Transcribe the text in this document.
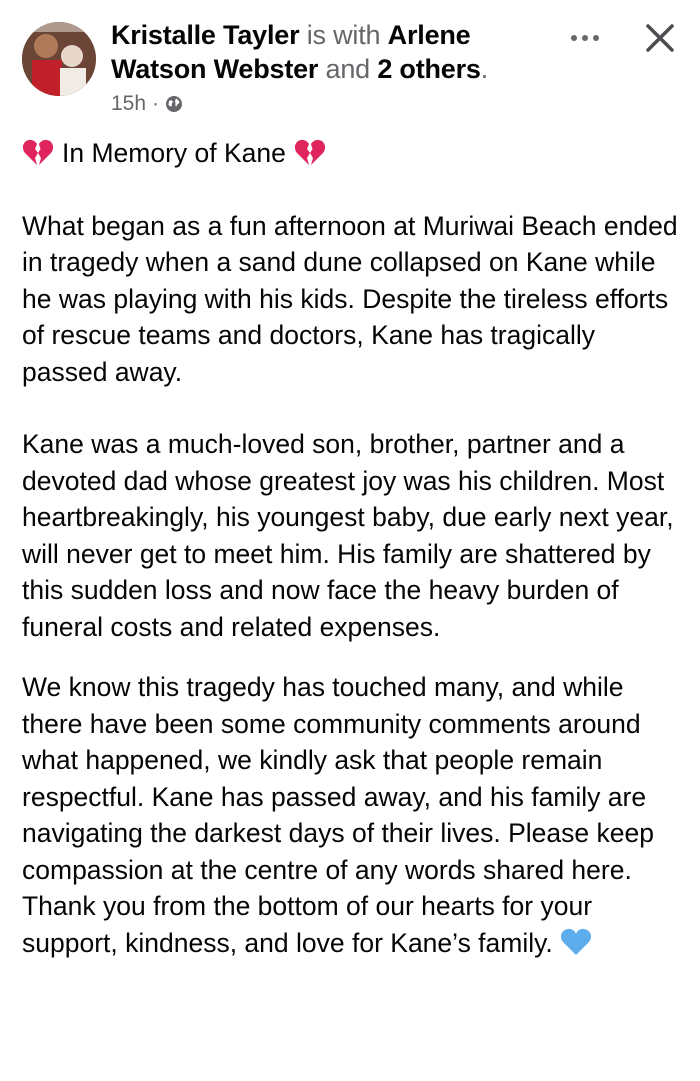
Kristalle Tayler is with Arlene Watson Webster and 2 others.
15h ·

In Memory of Kane

What began as a fun afternoon at Muriwai Beach ended in tragedy when a sand dune collapsed on Kane while he was playing with his kids. Despite the tireless efforts of rescue teams and doctors, Kane has tragically passed away.

Kane was a much-loved son, brother, partner and a devoted dad whose greatest joy was his children. Most heartbreakingly, his youngest baby, due early next year, will never get to meet him. His family are shattered by this sudden loss and now face the heavy burden of funeral costs and related expenses.

We know this tragedy has touched many, and while there have been some community comments around what happened, we kindly ask that people remain respectful. Kane has passed away, and his family are navigating the darkest days of their lives. Please keep compassion at the centre of any words shared here.

Thank you from the bottom of our hearts for your support, kindness, and love for Kane’s family.
